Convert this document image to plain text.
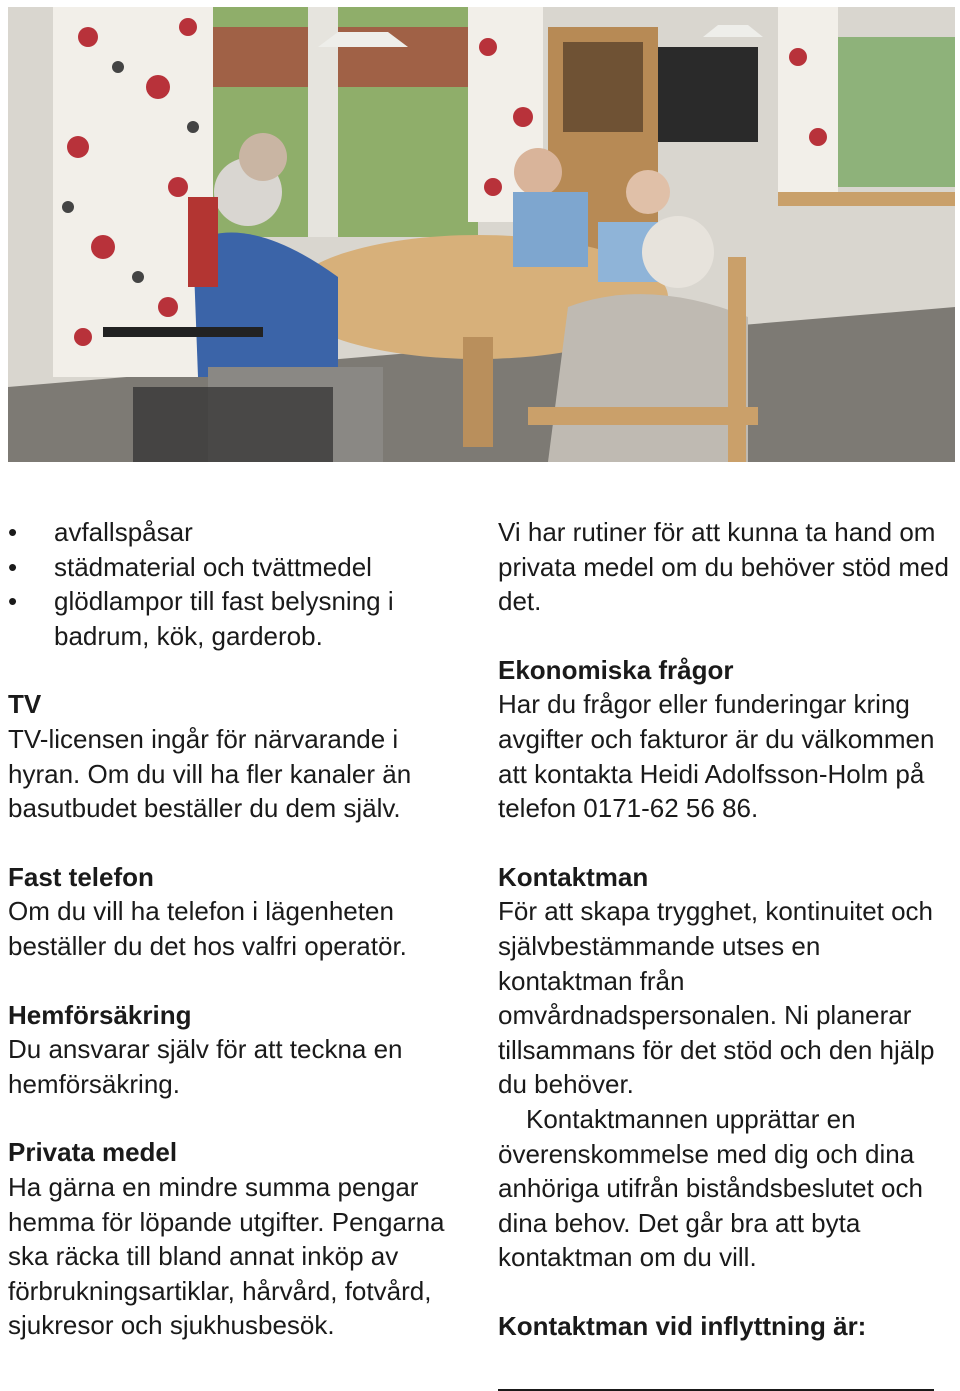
•	avfallspåsar
•	städmaterial och tvättmedel
•	glödlampor till fast belysning i badrum, kök, garderob.
TV

TV-licensen ingår för närvarande i hyran. Om du vill ha fler kanaler än basutbudet beställer du dem själv.

Fast telefon

Om du vill ha telefon i lägenheten beställer du det hos valfri operatör.

Hemförsäkring

Du ansvarar själv för att teckna en hemförsäkring.

Privata medel

Ha gärna en mindre summa pengar hemma för löpande utgifter. Pengarna ska räcka till bland annat inköp av förbrukningsartiklar, hårvård, fotvård, sjukresor och sjukhusbesök.

Vi har rutiner för att kunna ta hand om privata medel om du behöver stöd med det.

Ekonomiska frågor

Har du frågor eller funderingar kring avgifter och fakturor är du välkommen att kontakta Heidi Adolfsson-Holm på telefon 0171-62 56 86.

Kontaktman

För att skapa trygghet, kontinuitet och självbestämmande utses en kontaktman från omvårdnadspersonalen. Ni planerar tillsammans för det stöd och den hjälp du behöver.

Kontaktmannen upprättar en överenskommelse med dig och dina anhöriga utifrån biståndsbeslutet och dina behov. Det går bra att byta kontaktman om du vill.

Kontaktman vid inflyttning är:
